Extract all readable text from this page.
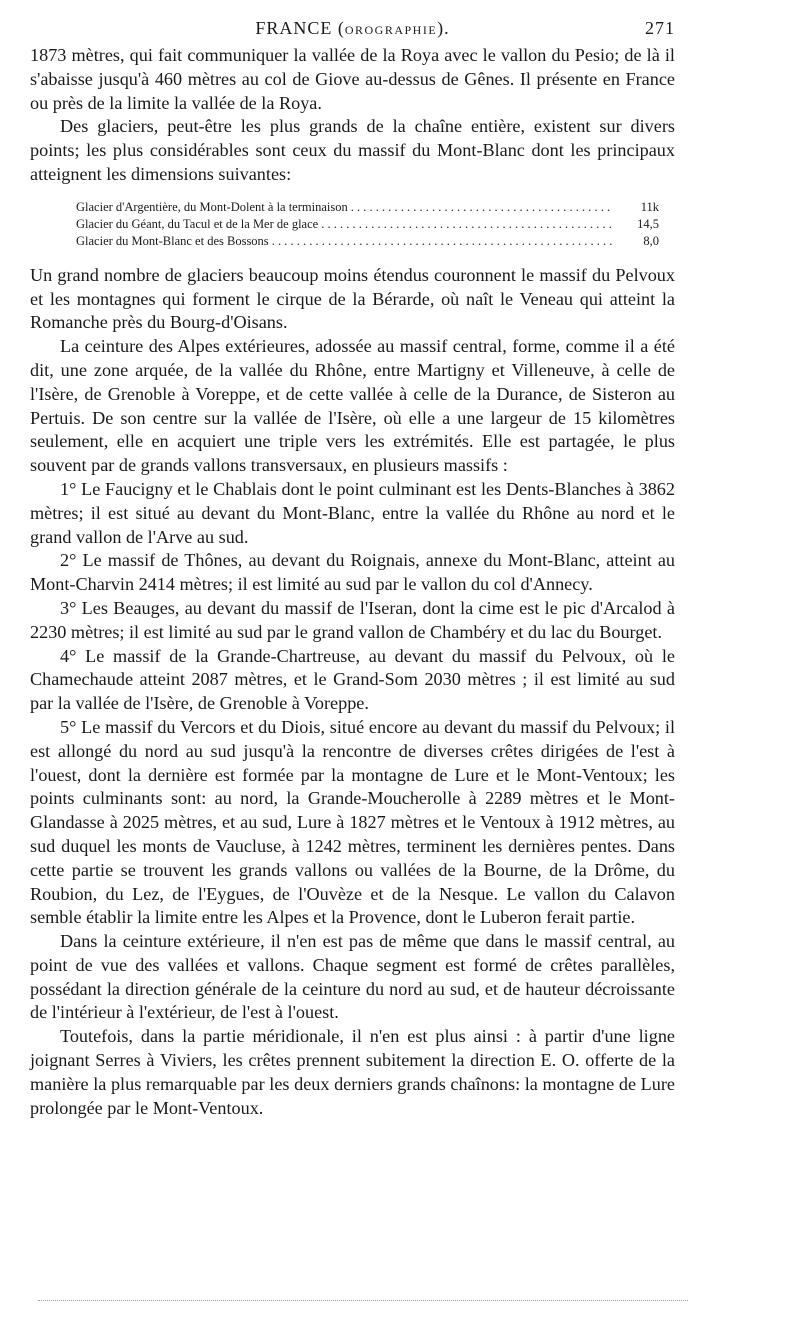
FRANCE (OROGRAPHIE).	271

1873 mètres, qui fait communiquer la vallée de la Roya avec le vallon du Pesio; de là il s'abaisse jusqu'à 460 mètres au col de Giove au-dessus de Gênes. Il présente en France ou près de la limite la vallée de la Roya.

Des glaciers, peut-être les plus grands de la chaîne entière, existent sur divers points; les plus considérables sont ceux du massif du Mont-Blanc dont les principaux atteignent les dimensions suivantes:

Glacier d'Argentière, du Mont-Dolent à la terminaison . . .	11k
Glacier du Géant, du Tacul et de la Mer de glace . . .	14,5
Glacier du Mont-Blanc et des Bossons . . .	8,0

Un grand nombre de glaciers beaucoup moins étendus couronnent le massif du Pelvoux et les montagnes qui forment le cirque de la Bérarde, où naît le Veneau qui atteint la Romanche près du Bourg-d'Oisans.

La ceinture des Alpes extérieures, adossée au massif central, forme, comme il a été dit, une zone arquée, de la vallée du Rhône, entre Martigny et Villeneuve, à celle de l'Isère, de Grenoble à Voreppe, et de cette vallée à celle de la Durance, de Sisteron au Pertuis. De son centre sur la vallée de l'Isère, où elle a une largeur de 15 kilomètres seulement, elle en acquiert une triple vers les extrémités. Elle est partagée, le plus souvent par de grands vallons transversaux, en plusieurs massifs :

1° Le Faucigny et le Chablais dont le point culminant est les Dents-Blanches à 3862 mètres; il est situé au devant du Mont-Blanc, entre la vallée du Rhône au nord et le grand vallon de l'Arve au sud.

2° Le massif de Thônes, au devant du Roignais, annexe du Mont-Blanc, atteint au Mont-Charvin 2414 mètres; il est limité au sud par le vallon du col d'Annecy.

3° Les Beauges, au devant du massif de l'Iseran, dont la cime est le pic d'Arcalod à 2230 mètres; il est limité au sud par le grand vallon de Chambéry et du lac du Bourget.

4° Le massif de la Grande-Chartreuse, au devant du massif du Pelvoux, où le Chamechaude atteint 2087 mètres, et le Grand-Som 2030 mètres ; il est limité au sud par la vallée de l'Isère, de Grenoble à Voreppe.

5° Le massif du Vercors et du Diois, situé encore au devant du massif du Pelvoux; il est allongé du nord au sud jusqu'à la rencontre de diverses crêtes dirigées de l'est à l'ouest, dont la dernière est formée par la montagne de Lure et le Mont-Ventoux; les points culminants sont: au nord, la Grande-Moucherolle à 2289 mètres et le Mont-Glandasse à 2025 mètres, et au sud, Lure à 1827 mètres et le Ventoux à 1912 mètres, au sud duquel les monts de Vaucluse, à 1242 mètres, terminent les dernières pentes. Dans cette partie se trouvent les grands vallons ou vallées de la Bourne, de la Drôme, du Roubion, du Lez, de l'Eygues, de l'Ouvèze et de la Nesque. Le vallon du Calavon semble établir la limite entre les Alpes et la Provence, dont le Luberon ferait partie.

Dans la ceinture extérieure, il n'en est pas de même que dans le massif central, au point de vue des vallées et vallons. Chaque segment est formé de crêtes parallèles, possédant la direction générale de la ceinture du nord au sud, et de hauteur décroissante de l'intérieur à l'extérieur, de l'est à l'ouest.

Toutefois, dans la partie méridionale, il n'en est plus ainsi : à partir d'une ligne joignant Serres à Viviers, les crêtes prennent subitement la direction E. O. offerte de la manière la plus remarquable par les deux derniers grands chaînons: la montagne de Lure prolongée par le Mont-Ventoux.
